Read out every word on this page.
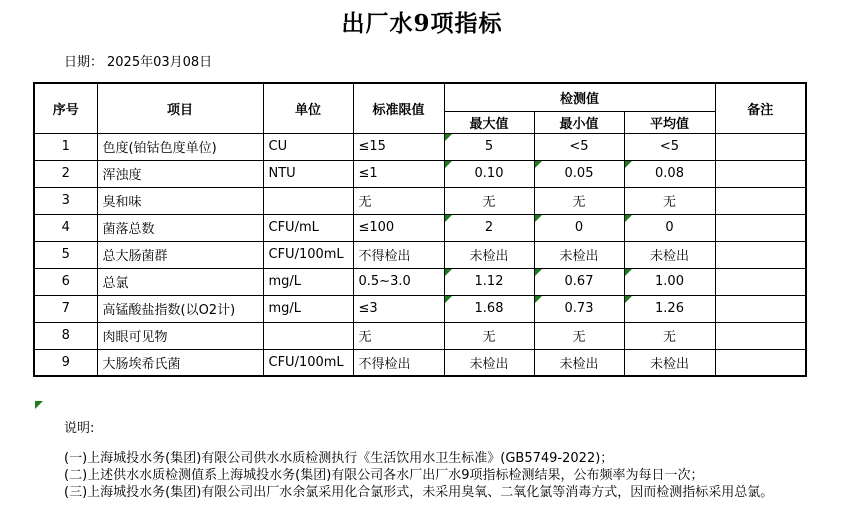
出厂水9项指标
日期： 2025年03月08日
序号	项目	单位	标准限值	检测值			备注
				最大值	最小值	平均值	
1	色度(铂钴色度单位)	CU	≤15	5	<5	<5	
2	浑浊度	NTU	≤1	0.10	0.05	0.08	
3	臭和味		无	无	无	无	
4	菌落总数	CFU/mL	≤100	2	0	0	
5	总大肠菌群	CFU/100mL	不得检出	未检出	未检出	未检出	
6	总氯	mg/L	0.5~3.0	1.12	0.67	1.00	
7	高锰酸盐指数(以O2计)	mg/L	≤3	1.68	0.73	1.26	
8	肉眼可见物		无	无	无	无	
9	大肠埃希氏菌	CFU/100mL	不得检出	未检出	未检出	未检出	

说明:

(一)上海城投水务(集团)有限公司供水水质检测执行《生活饮用水卫生标准》(GB5749-2022)；

(二)上述供水水质检测值系上海城投水务(集团)有限公司各水厂出厂水9项指标检测结果，公布频率为每日一次；

(三)上海城投水务(集团)有限公司出厂水余氯采用化合氯形式，未采用臭氧、二氧化氯等消毒方式，因而检测指标采用总氯。
